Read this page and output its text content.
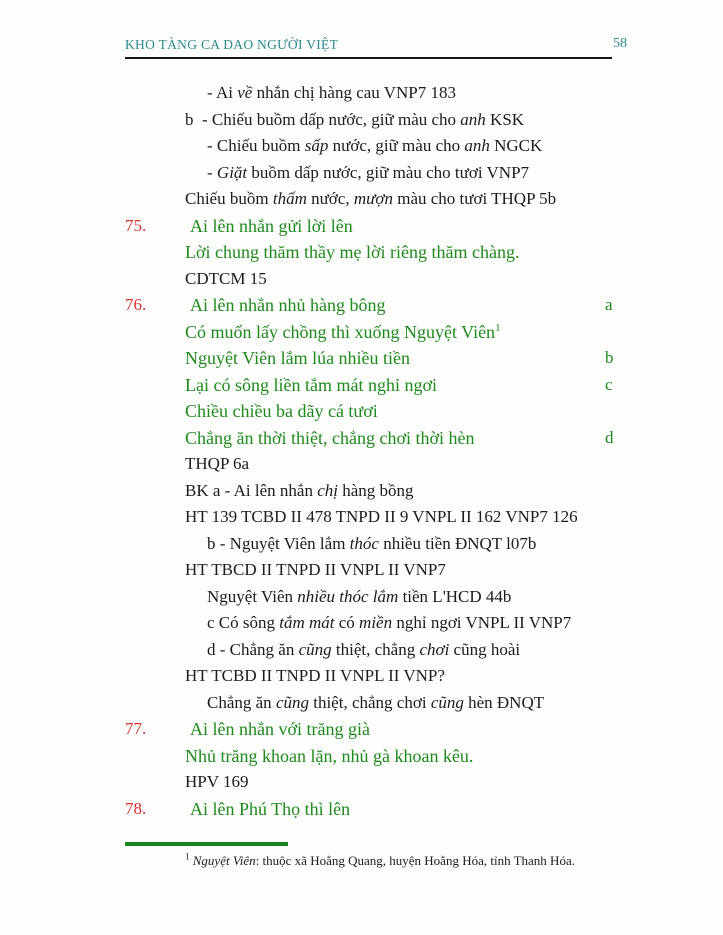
KHO TÀNG CA DAO NGƯỜI VIỆT	58
- Ai về nhắn chị hàng cau VNP7 183
b  - Chiếu buồm dấp nước, giữ màu cho anh KSK
- Chiếu buồm sấp nước, giữ màu cho anh NGCK
- Giặt buồm dấp nước, giữ màu cho tươi VNP7
Chiếu buồm thấm nước, mượn màu cho tươi THQP 5b
75. Ai lên nhắn gửi lời lên
Lời chung thăm thầy mẹ lời riêng thăm chàng.
CDTCM 15
76. Ai lên nhắn nhủ hàng bông	a
Có muốn lấy chồng thì xuống Nguyệt Viên$^1$
Nguyệt Viên lắm lúa nhiều tiền	b
Lại có sông liền tắm mát nghỉ ngơi	c
Chiều chiều ba dãy cá tươi
Chẳng ăn thời thiệt, chẳng chơi thời hèn	d
THQP 6a
BK a - Ai lên nhắn chị hàng bồng
HT 139 TCBD II 478 TNPD II 9 VNPL II 162 VNP7 126
b - Nguyệt Viên lắm thóc nhiều tiền ĐNQT l07b
HT TBCD II TNPD II VNPL II VNP7
Nguyệt Viên nhiều thóc lắm tiền L'HCD 44b
c Có sông tắm mát có miền nghỉ ngơi VNPL II VNP7
d - Chẳng ăn cũng thiệt, chẳng chơi cũng hoài
HT TCBD II TNPD II VNPL II VNP?
Chẳng ăn cũng thiệt, chẳng chơi cũng hèn ĐNQT
77. Ai lên nhắn với trăng già
Nhủ trăng khoan lặn, nhủ gà khoan kêu.
HPV 169
78. Ai lên Phú Thọ thì lên
$^1$ Nguyệt Viên: thuộc xã Hoằng Quang, huyện Hoằng Hóa, tỉnh Thanh Hóa.
